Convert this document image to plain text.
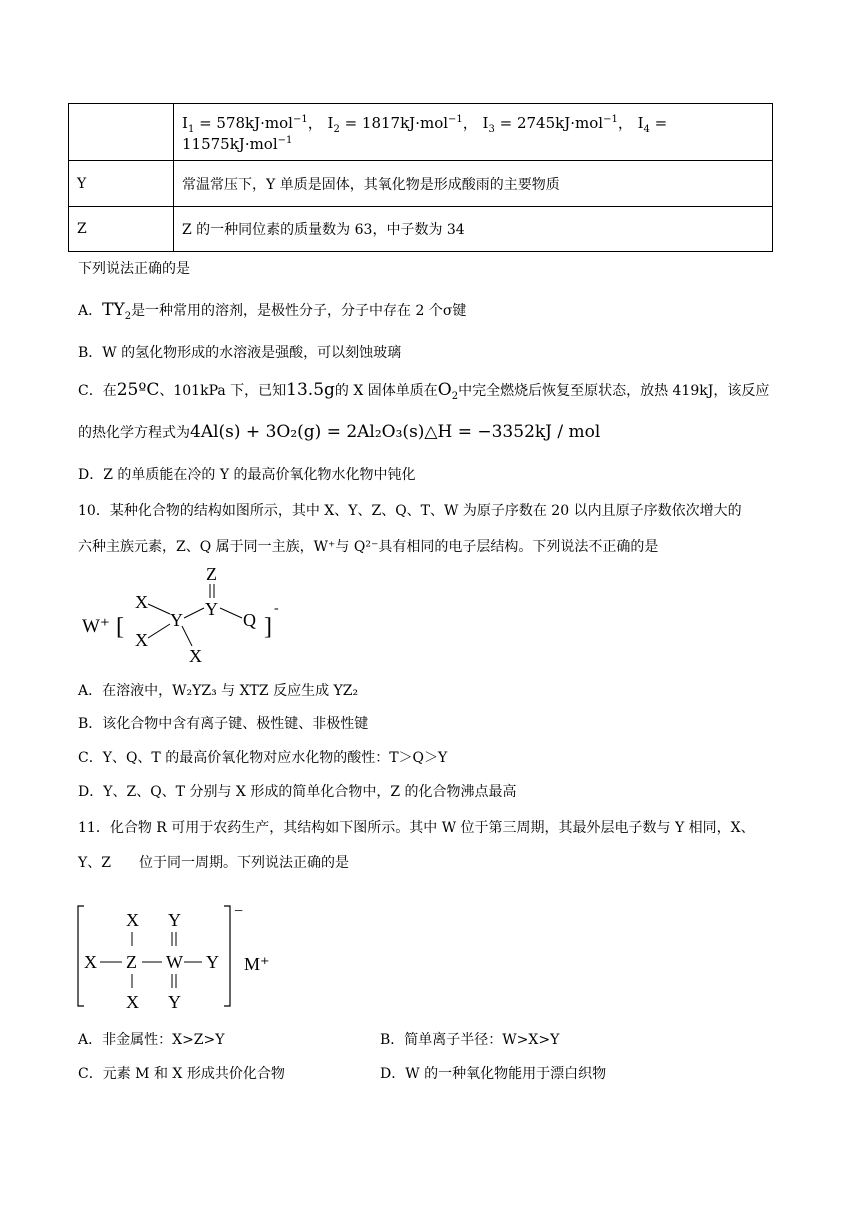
	$I_1 = 578kJ\cdot mol^{-1}$， $I_2 = 1817kJ\cdot mol^{-1}$， $I_3 = 2745kJ\cdot mol^{-1}$， $I_4 = 11575kJ\cdot mol^{-1}$
Y	常温常压下，Y 单质是固体，其氧化物是形成酸雨的主要物质
Z	Z 的一种同位素的质量数为 63，中子数为 34
下列说法正确的是
A．$TY_2$是一种常用的溶剂，是极性分子，分子中存在 2 个σ键
B．W 的氢化物形成的水溶液是强酸，可以刻蚀玻璃
C．在25ºC、101kPa 下，已知13.5g的 X 固体单质在$O_2$中完全燃烧后恢复至原状态，放热 419kJ，该反应
的热化学方程式为4Al(s) + 3O₂(g) = 2Al₂O₃(s)△H = −3352kJ / mol
D．Z 的单质能在冷的 Y 的最高价氧化物水化物中钝化
10．某种化合物的结构如图所示，其中 X、Y、Z、Q、T、W 为原子序数在 20 以内且原子序数依次增大的
六种主族元素，Z、Q 属于同一主族，W⁺与 Q²⁻具有相同的电子层结构。下列说法不正确的是
W⁺ [
X
X
Y
X
Z
Y
Q ]
-
A．在溶液中，W₂YZ₃ 与 XTZ 反应生成 YZ₂
B．该化合物中含有离子键、极性键、非极性键
C．Y、Q、T 的最高价氧化物对应水化物的酸性：T＞Q＞Y
D．Y、Z、Q、T 分别与 X 形成的简单化合物中，Z 的化合物沸点最高
11．化合物 R 可用于农药生产，其结构如下图所示。其中 W 位于第三周期，其最外层电子数与 Y 相同，X、
Y、Z　　位于同一周期。下列说法正确的是
−
X Y
X Z W Y
X Y
M⁺
A．非金属性：X>Z>Y	B．简单离子半径：W>X>Y
C．元素 M 和 X 形成共价化合物	D．W 的一种氧化物能用于漂白织物
